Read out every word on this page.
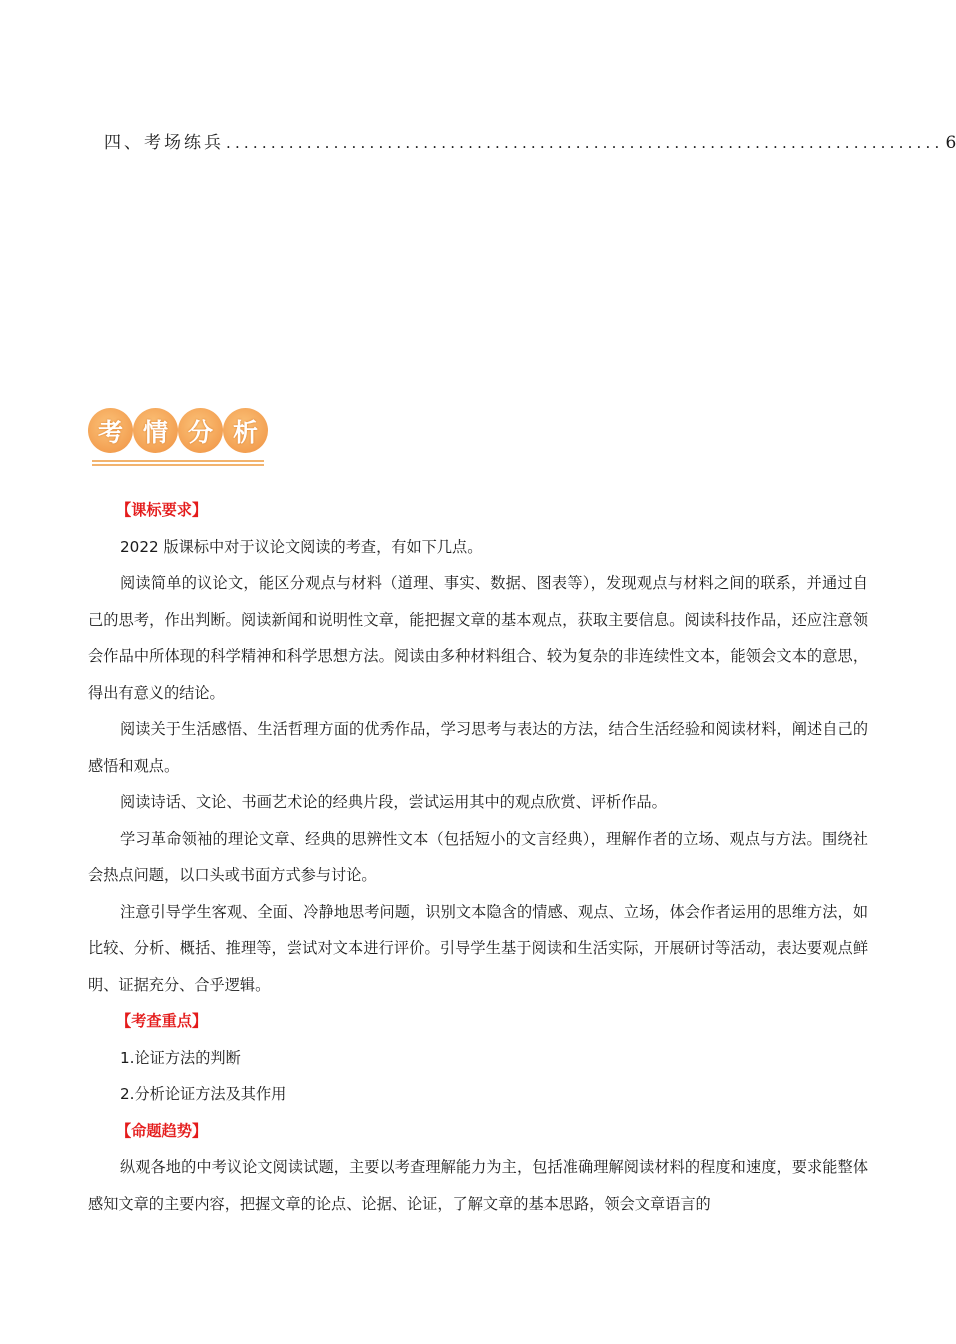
四、考场练兵 ................................................................................ 6
考 情 分 析
【课标要求】

2022 版课标中对于议论文阅读的考查，有如下几点。

阅读简单的议论文，能区分观点与材料（道理、事实、数据、图表等），发现观点与材料之间的联系，并通过自己的思考，作出判断。阅读新闻和说明性文章，能把握文章的基本观点，获取主要信息。阅读科技作品，还应注意领会作品中所体现的科学精神和科学思想方法。阅读由多种材料组合、较为复杂的非连续性文本，能领会文本的意思，得出有意义的结论。

阅读关于生活感悟、生活哲理方面的优秀作品，学习思考与表达的方法，结合生活经验和阅读材料，阐述自己的感悟和观点。

阅读诗话、文论、书画艺术论的经典片段，尝试运用其中的观点欣赏、评析作品。

学习革命领袖的理论文章、经典的思辨性文本（包括短小的文言经典），理解作者的立场、观点与方法。围绕社会热点问题，以口头或书面方式参与讨论。

注意引导学生客观、全面、冷静地思考问题，识别文本隐含的情感、观点、立场，体会作者运用的思维方法，如比较、分析、概括、推理等，尝试对文本进行评价。引导学生基于阅读和生活实际，开展研讨等活动，表达要观点鲜明、证据充分、合乎逻辑。

【考查重点】

1.论证方法的判断

2.分析论证方法及其作用

【命题趋势】

纵观各地的中考议论文阅读试题，主要以考查理解能力为主，包括准确理解阅读材料的程度和速度，要求能整体感知文章的主要内容，把握文章的论点、论据、论证，了解文章的基本思路，领会文章语言的
